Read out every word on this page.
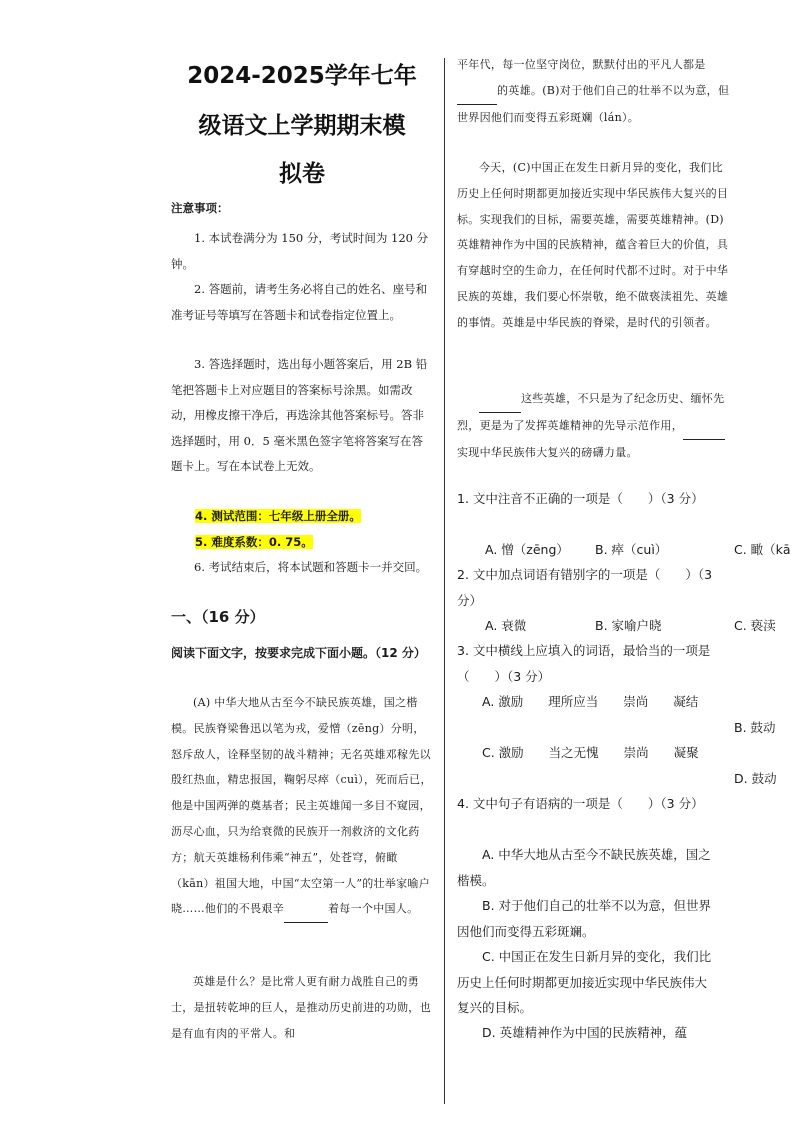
2024-2025学年七年
级语文上学期期末模
拟卷
注意事项：
1. 本试卷满分为 150 分，考试时间为 120 分钟。
2. 答题前，请考生务必将自己的姓名、座号和准考证号等填写在答题卡和试卷指定位置上。
3. 答选择题时，选出每小题答案后，用 2B 铅笔把答题卡上对应题目的答案标号涂黑。如需改动，用橡皮擦干净后，再选涂其他答案标号。答非选择题时，用 0．5 毫米黑色签字笔将答案写在答题卡上。写在本试卷上无效。
4. 测试范围：七年级上册全册。
5. 难度系数：0. 75。
6. 考试结束后，将本试题和答题卡一并交回。
一、（16 分）
阅读下面文字，按要求完成下面小题。（12 分）
(A) 中华大地从古至今不缺民族英雄，国之楷模。民族脊梁鲁迅以笔为戎，爱憎（zēng）分明，怒斥敌人，诠释坚韧的战斗精神；无名英雄邓稼先以殷红热血，精忠报国，鞠躬尽瘁（cuì），死而后已，他是中国两弹的奠基者；民主英雄闻一多目不窥园，沥尽心血，只为给衰微的民族开一剂救济的文化药方；航天英雄杨利伟乘“神五”，处苍穹，俯瞰（kān）祖国大地，中国“太空第一人”的壮举家喻户晓……他们的不畏艰辛	着每一个中国人。
英雄是什么？是比常人更有耐力战胜自己的勇士，是扭转乾坤的巨人，是推动历史前进的功勋，也是有血有肉的平常人。和
平年代，每一位坚守岗位，默默付出的平凡人都是 的英雄。(B)对于他们自己的壮举不以为意，但世界因他们而变得五彩斑斓（lán）。
今天，(C)中国正在发生日新月异的变化，我们比历史上任何时期都更加接近实现中华民族伟大复兴的目标。实现我们的目标，需要英雄，需要英雄精神。(D) 英雄精神作为中国的民族精神，蕴含着巨大的价值，具有穿越时空的生命力，在任何时代都不过时。对于中华民族的英雄，我们要心怀崇敬，绝不做亵渎祖先、英雄的事情。英雄是中华民族的脊梁，是时代的引领者。
这些英雄，不只是为了纪念历史、缅怀先烈，更是为了发挥英雄精神的先导示范作用， 实现中华民族伟大复兴的磅礴力量。
1. 文中注音不正确的一项是（　　）（3 分）
A. 憎（zēng） B. 瘁（cuì）	C. 瞰（kā
2. 文中加点词语有错别字的一项是（　　）（3 分）
A. 衰微	B. 家喻户晓	C. 亵渎
3. 文中横线上应填入的词语，最恰当的一项是（　　）（3 分）
A. 激励　　理所应当　　崇尚　　凝结
B. 鼓动
C. 激励　　当之无愧　　崇尚　　凝聚
D. 鼓动
4. 文中句子有语病的一项是（　　）（3 分）
A. 中华大地从古至今不缺民族英雄，国之楷模。
B. 对于他们自己的壮举不以为意，但世界因他们而变得五彩斑斓。
C. 中国正在发生日新月异的变化，我们比历史上任何时期都更加接近实现中华民族伟大复兴的目标。
D. 英雄精神作为中国的民族精神，蕴
